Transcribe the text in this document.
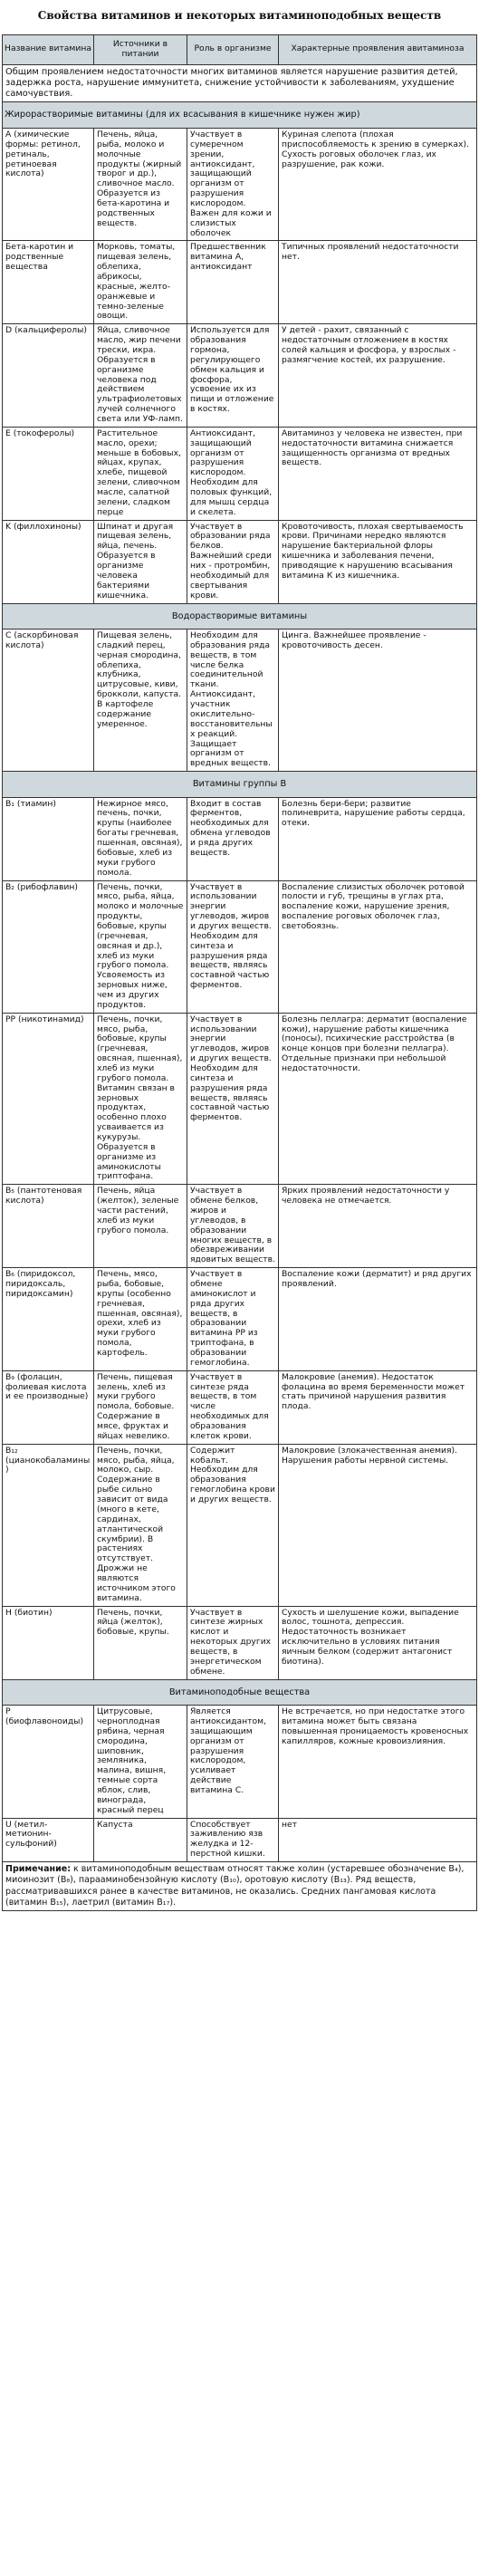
Свойства витаминов и некоторых витаминоподобных веществ
Название витамина	Источники в питании	Роль в организме	Характерные проявления авитаминоза
Общим проявлением недостаточности многих витаминов является нарушение развития детей, задержка роста, нарушение иммунитета, снижение устойчивости к заболеваниям, ухудшение самочувствия.			
Жирорастворимые витамины (для их всасывания в кишечнике нужен жир)			
A (химические формы: ретинол, ретиналь, ретиноевая кислота)	Печень, яйца, рыба, молоко и молочные продукты (жирный творог и др.), сливочное масло. Образуется из бета-каротина и родственных веществ.	Участвует в сумеречном зрении, антиоксидант, защищающий организм от разрушения кислородом. Важен для кожи и слизистых оболочек	Куриная слепота (плохая приспособляемость к зрению в сумерках). Сухость роговых оболочек глаз, их разрушение, рак кожи.
Бета-каротин и родственные вещества	Морковь, томаты, пищевая зелень, облепиха, абрикосы, красные, желто-оранжевые и темно-зеленые овощи.	Предшественник витамина А, антиоксидант	Типичных проявлений недостаточности нет.
D (кальциферолы)	Яйца, сливочное масло, жир печени трески, икра. Образуется в организме человека под действием ультрафиолетовых лучей солнечного света или УФ-ламп.	Используется для образования гормона, регулирующего обмен кальция и фосфора, усвоение их из пищи и отложение в костях.	У детей - рахит, связанный с недостаточным отложением в костях солей кальция и фосфора, у взрослых - размягчение костей, их разрушение.
E (токоферолы)	Растительное масло, орехи; меньше в бобовых, яйцах, крупах, хлебе, пищевой зелени, сливочном масле, салатной зелени, сладком перце	Антиоксидант, защищающий организм от разрушения кислородом. Необходим для половых функций, для мышц сердца и скелета.	Авитаминоз у человека не известен, при недостаточности витамина снижается защищенность организма от вредных веществ.
K (филлохиноны)	Шпинат и другая пищевая зелень, яйца, печень. Образуется в организме человека бактериями кишечника.	Участвует в образовании ряда белков. Важнейший среди них - протромбин, необходимый для свертывания крови.	Кровоточивость, плохая свертываемость крови. Причинами нередко являются нарушение бактериальной флоры кишечника и заболевания печени, приводящие к нарушению всасывания витамина К из кишечника.
Водорастворимые витамины			
C (аскорбиновая кислота)	Пищевая зелень, сладкий перец, черная смородина, облепиха, клубника, цитрусовые, киви, брокколи, капуста. В картофеле содержание умеренное.	Необходим для образования ряда веществ, в том числе белка соединительной ткани. Антиоксидант, участник окислительно-восстановительных реакций. Защищает организм от вредных веществ.	Цинга. Важнейшее проявление - кровоточивость десен.
Витамины группы B			
B₁ (тиамин)	Нежирное мясо, печень, почки, крупы (наиболее богаты гречневая, пшенная, овсяная), бобовые, хлеб из муки грубого помола.	Входит в состав ферментов, необходимых для обмена углеводов и ряда других веществ.	Болезнь бери-бери; развитие полиневрита, нарушение работы сердца, отеки.
B₂ (рибофлавин)	Печень, почки, мясо, рыба, яйца, молоко и молочные продукты, бобовые, крупы (гречневая, овсяная и др.), хлеб из муки грубого помола. Усвояемость из зерновых ниже, чем из других продуктов.	Участвует в использовании энергии углеводов, жиров и других веществ. Необходим для синтеза и разрушения ряда веществ, являясь составной частью ферментов.	Воспаление слизистых оболочек ротовой полости и губ, трещины в углах рта, воспаление кожи, нарушение зрения, воспаление роговых оболочек глаз, светобоязнь.
PP (никотинамид)	Печень, почки, мясо, рыба, бобовые, крупы (гречневая, овсяная, пшенная), хлеб из муки грубого помола. Витамин связан в зерновых продуктах, особенно плохо усваивается из кукурузы. Образуется в организме из аминокислоты триптофана.	Участвует в использовании энергии углеводов, жиров и других веществ. Необходим для синтеза и разрушения ряда веществ, являясь составной частью ферментов.	Болезнь пеллагра: дерматит (воспаление кожи), нарушение работы кишечника (поносы), психические расстройства (в конце концов при болезни пеллагра). Отдельные признаки при небольшой недостаточности.
B₅ (пантотеновая кислота)	Печень, яйца (желток), зеленые части растений, хлеб из муки грубого помола.	Участвует в обмене белков, жиров и углеводов, в образовании многих веществ, в обезвреживании ядовитых веществ.	Ярких проявлений недостаточности у человека не отмечается.
B₆ (пиридоксол, пиридоксаль, пиридоксамин)	Печень, мясо, рыба, бобовые, крупы (особенно гречневая, пшенная, овсяная), орехи, хлеб из муки грубого помола, картофель.	Участвует в обмене аминокислот и ряда других веществ, в образовании витамина PP из триптофана, в образовании гемоглобина.	Воспаление кожи (дерматит) и ряд других проявлений.
B₉ (фолацин, фолиевая кислота и ее производные)	Печень, пищевая зелень, хлеб из муки грубого помола, бобовые. Содержание в мясе, фруктах и яйцах невелико.	Участвует в синтезе ряда веществ, в том числе необходимых для образования клеток крови.	Малокровие (анемия). Недостаток фолацина во время беременности может стать причиной нарушения развития плода.
B₁₂ (цианокобаламины)	Печень, почки, мясо, рыба, яйца, молоко, сыр. Содержание в рыбе сильно зависит от вида (много в кете, сардинах, атлантической скумбрии). В растениях отсутствует. Дрожжи не являются источником этого витамина.	Содержит кобальт. Необходим для образования гемоглобина крови и других веществ.	Малокровие (злокачественная анемия). Нарушения работы нервной системы.
H (биотин)	Печень, почки, яйца (желток), бобовые, крупы.	Участвует в синтезе жирных кислот и некоторых других веществ, в энергетическом обмене.	Сухость и шелушение кожи, выпадение волос, тошнота, депрессия. Недостаточность возникает исключительно в условиях питания яичным белком (содержит антагонист биотина).
Витаминоподобные вещества			
P (биофлавоноиды)	Цитрусовые, черноплодная рябина, черная смородина, шиповник, земляника, малина, вишня, темные сорта яблок, слив, винограда, красный перец	Является антиоксидантом, защищающим организм от разрушения кислородом, усиливает действие витамина С.	Не встречается, но при недостатке этого витамина может быть связана повышенная проницаемость кровеносных капилляров, кожные кровоизлияния.
U (метил-метионин-сульфоний)	Капуста	Способствует заживлению язв желудка и 12-перстной кишки.	нет
Примечание: к витаминоподобным веществам относят также холин (устаревшее обозначение B₄), миоинозит (B₈), парааминобензойную кислоту (B₁₀), оротовую кислоту (B₁₃). Ряд веществ, рассматривавшихся ранее в качестве витаминов, не оказались. Средних пангамовая кислота (витамин B₁₅), лаетрил (витамин B₁₇).			
